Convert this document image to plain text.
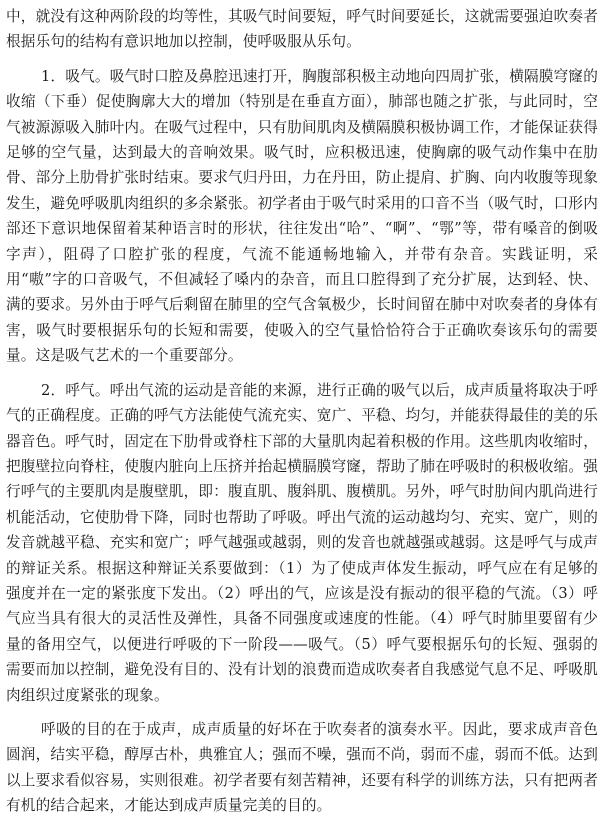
中，就没有这种两阶段的均等性，其吸气时间要短，呼气时间要延长，这就需要强迫吹奏者根据乐句的结构有意识地加以控制，使呼吸服从乐句。

1．吸气。吸气时口腔及鼻腔迅速打开，胸腹部积极主动地向四周扩张，横隔膜穹窿的收缩（下垂）促使胸廓大大的增加（特别是在垂直方面），肺部也随之扩张，与此同时，空气被源源吸入肺叶内。在吸气过程中，只有肋间肌肉及横隔膜积极协调工作，才能保证获得足够的空气量，达到最大的音响效果。吸气时，应积极迅速，使胸廓的吸气动作集中在肋骨、部分上肋骨扩张时结束。要求气归丹田，力在丹田，防止提肩、扩胸、向内收腹等现象发生，避免呼吸肌肉组织的多余紧张。初学者由于吸气时采用的口音不当（吸气时，口形内部还下意识地保留着某种语言时的形状，往往发出“哈”、“啊”、“鄂”等，带有嗓音的倒吸字声），阻碍了口腔扩张的程度，气流不能通畅地输入，并带有杂音。实践证明，采用“嗷”字的口音吸气，不但减轻了嗓内的杂音，而且口腔得到了充分扩展，达到轻、快、满的要求。另外由于呼气后剩留在肺里的空气含氧极少，长时间留在肺中对吹奏者的身体有害，吸气时要根据乐句的长短和需要，使吸入的空气量恰恰符合于正确吹奏该乐句的需要量。这是吸气艺术的一个重要部分。

2．呼气。呼出气流的运动是音能的来源，进行正确的吸气以后，成声质量将取决于呼气的正确程度。正确的呼气方法能使气流充实、宽广、平稳、均匀，并能获得最佳的美的乐器音色。呼气时，固定在下肋骨或脊柱下部的大量肌肉起着积极的作用。这些肌肉收缩时，把腹壁拉向脊柱，使腹内脏向上压挤并抬起横膈膜穹窿，帮助了肺在呼吸时的积极收缩。强行呼气的主要肌肉是腹壁肌，即：腹直肌、腹斜肌、腹横肌。另外，呼气时肋间内肌尚进行机能活动，它使肋骨下降，同时也帮助了呼吸。呼出气流的运动越均匀、充实、宽广，则的发音就越平稳、充实和宽广；呼气越强或越弱，则的发音也就越强或越弱。这是呼气与成声的辩证关系。根据这种辩证关系要做到：（1）为了使成声体发生振动，呼气应在有足够的强度并在一定的紧张度下发出。（2）呼出的气，应该是没有振动的很平稳的气流。（3）呼气应当具有很大的灵活性及弹性，具备不同强度或速度的性能。（4）呼气时肺里要留有少量的备用空气，以便进行呼吸的下一阶段——吸气。（5）呼气要根据乐句的长短、强弱的需要而加以控制，避免没有目的、没有计划的浪费而造成吹奏者自我感觉气息不足、呼吸肌肉组织过度紧张的现象。

呼吸的目的在于成声，成声质量的好坏在于吹奏者的演奏水平。因此，要求成声音色圆润，结实平稳，醇厚古朴，典雅宜人；强而不噪，强而不尚，弱而不虚，弱而不低。达到以上要求看似容易，实则很难。初学者要有刻苦精神，还要有科学的训练方法，只有把两者有机的结合起来，才能达到成声质量完美的目的。
